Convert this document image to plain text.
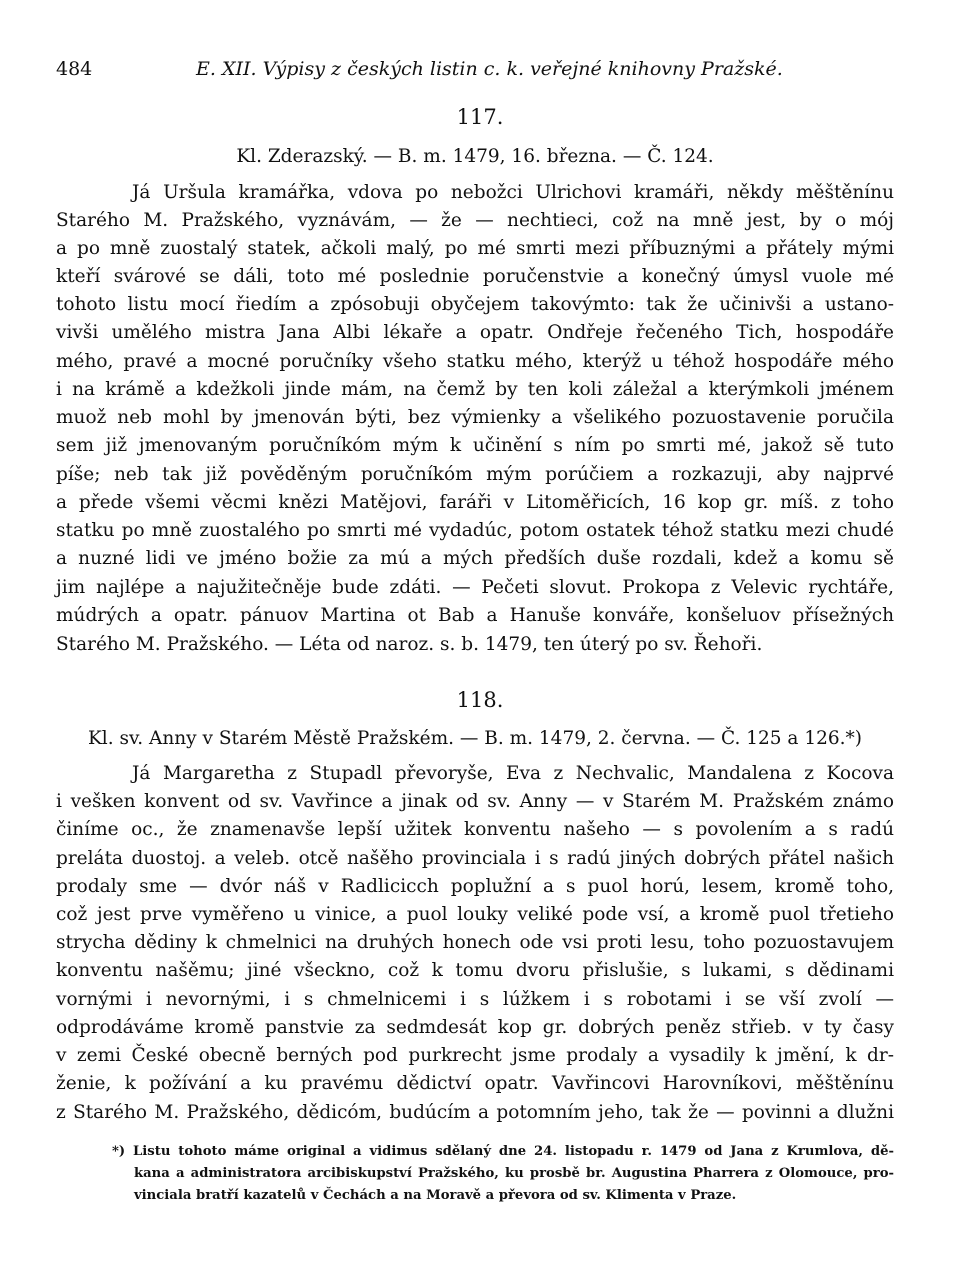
484	E. XII. Výpisy z českých listin c. k. veřejné knihovny Pražské.
117.
Kl. Zderazský. — B. m. 1479, 16. března. — Č. 124.
Já Uršula kramářka, vdova po nebožci Ulrichovi kramáři, někdy měštěnínu
Starého M. Pražského, vyznávám, — že — nechtieci, což na mně jest, by o mój
a po mně zuostalý statek, ačkoli malý, po mé smrti mezi příbuznými a přátely mými
kteří svárové se dáli, toto mé poslednie poručenstvie a konečný úmysl vuole mé
tohoto listu mocí řiedím a zpósobuji obyčejem takovýmto: tak že učinivši a ustano-
vivši umělého mistra Jana Albi lékaře a opatr. Ondřeje řečeného Tich, hospodáře
mého, pravé a mocné poručníky všeho statku mého, kterýž u téhož hospodáře mého
i na krámě a kdežkoli jinde mám, na čemž by ten koli záležal a kterýmkoli jménem
muož neb mohl by jmenován býti, bez výmienky a všelikého pozuostavenie poručila
sem již jmenovaným poručníkóm mým k učinění s ním po smrti mé, jakož sě tuto
píše; neb tak již pověděným poručníkóm mým porúčiem a rozkazuji, aby najprvé
a přede všemi věcmi knězi Matějovi, faráři v Litoměřicích, 16 kop gr. míš. z toho
statku po mně zuostalého po smrti mé vydadúc, potom ostatek téhož statku mezi chudé
a nuzné lidi ve jméno božie za mú a mých předších duše rozdali, kdež a komu sě
jim najlépe a najužitečněje bude zdáti. — Pečeti slovut. Prokopa z Velevic rychtáře,
múdrých a opatr. pánuov Martina ot Bab a Hanuše konváře, konšeluov přísežných
Starého M. Pražského. — Léta od naroz. s. b. 1479, ten úterý po sv. Řehoři.
118.
Kl. sv. Anny v Starém Městě Pražském. — B. m. 1479, 2. června. — Č. 125 a 126.*)
Já Margaretha z Stupadl převoryše, Eva z Nechvalic, Mandalena z Kocova
i vešken konvent od sv. Vavřince a jinak od sv. Anny — v Starém M. Pražském známo
činíme oc., že znamenavše lepší užitek konventu našeho — s povolením a s radú
preláta duostoj. a veleb. otcě našěho provinciala i s radú jiných dobrých přátel našich
prodaly sme — dvór náš v Radlicicch poplužní a s puol horú, lesem, kromě toho,
což jest prve vyměřeno u vinice, a puol louky veliké pode vsí, a kromě puol třetieho
strycha dědiny k chmelnici na druhých honech ode vsi proti lesu, toho pozuostavujem
konventu našěmu; jiné všeckno, což k tomu dvoru přislušie, s lukami, s dědinami
vornými i nevornými, i s chmelnicemi i s lúžkem i s robotami i se vší zvolí —
odprodáváme kromě panstvie za sedmdesát kop gr. dobrých peněz střieb. v ty časy
v zemi České obecně berných pod purkrecht jsme prodaly a vysadily k jmění, k dr-
ženie, k požívání a ku pravému dědictví opatr. Vavřincovi Harovníkovi, měštěnínu
z Starého M. Pražského, dědicóm, budúcím a potomním jeho, tak že — povinni a dlužni
*) Listu tohoto máme original a vidimus sdělaný dne 24. listopadu r. 1479 od Jana z Krumlova, dě-
kana a administratora arcibiskupství Pražského, ku prosbě br. Augustina Pharrera z Olomouce, pro-
vinciala bratří kazatelů v Čechách a na Moravě a převora od sv. Klimenta v Praze.
